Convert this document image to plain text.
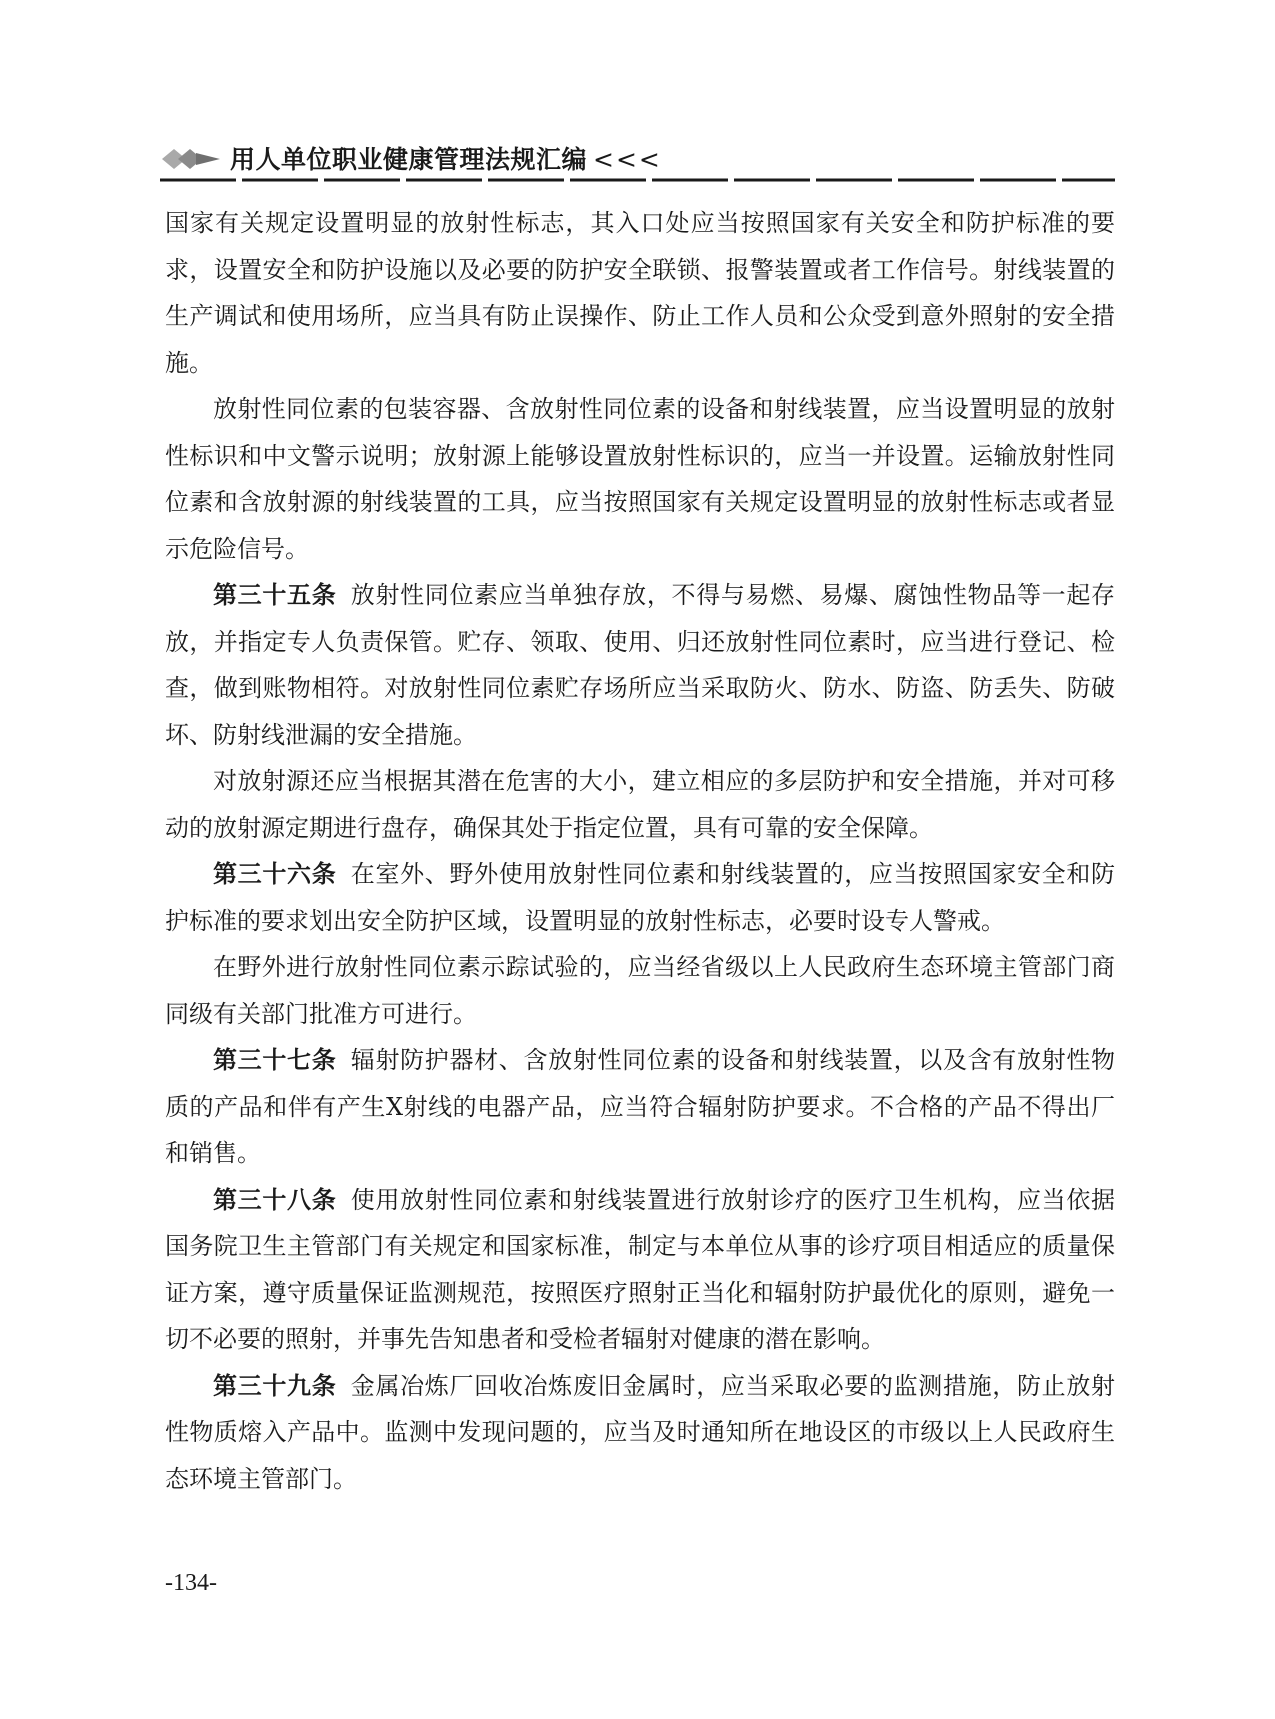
用人单位职业健康管理法规汇编 <<<

国家有关规定设置明显的放射性标志，其入口处应当按照国家有关安全和防护标准的要求，设置安全和防护设施以及必要的防护安全联锁、报警装置或者工作信号。射线装置的生产调试和使用场所，应当具有防止误操作、防止工作人员和公众受到意外照射的安全措施。

放射性同位素的包装容器、含放射性同位素的设备和射线装置，应当设置明显的放射性标识和中文警示说明；放射源上能够设置放射性标识的，应当一并设置。运输放射性同位素和含放射源的射线装置的工具，应当按照国家有关规定设置明显的放射性标志或者显示危险信号。

第三十五条 放射性同位素应当单独存放，不得与易燃、易爆、腐蚀性物品等一起存放，并指定专人负责保管。贮存、领取、使用、归还放射性同位素时，应当进行登记、检查，做到账物相符。对放射性同位素贮存场所应当采取防火、防水、防盗、防丢失、防破坏、防射线泄漏的安全措施。

对放射源还应当根据其潜在危害的大小，建立相应的多层防护和安全措施，并对可移动的放射源定期进行盘存，确保其处于指定位置，具有可靠的安全保障。

第三十六条 在室外、野外使用放射性同位素和射线装置的，应当按照国家安全和防护标准的要求划出安全防护区域，设置明显的放射性标志，必要时设专人警戒。

在野外进行放射性同位素示踪试验的，应当经省级以上人民政府生态环境主管部门商同级有关部门批准方可进行。

第三十七条 辐射防护器材、含放射性同位素的设备和射线装置，以及含有放射性物质的产品和伴有产生X射线的电器产品，应当符合辐射防护要求。不合格的产品不得出厂和销售。

第三十八条 使用放射性同位素和射线装置进行放射诊疗的医疗卫生机构，应当依据国务院卫生主管部门有关规定和国家标准，制定与本单位从事的诊疗项目相适应的质量保证方案，遵守质量保证监测规范，按照医疗照射正当化和辐射防护最优化的原则，避免一切不必要的照射，并事先告知患者和受检者辐射对健康的潜在影响。

第三十九条 金属冶炼厂回收冶炼废旧金属时，应当采取必要的监测措施，防止放射性物质熔入产品中。监测中发现问题的，应当及时通知所在地设区的市级以上人民政府生态环境主管部门。

-134-
